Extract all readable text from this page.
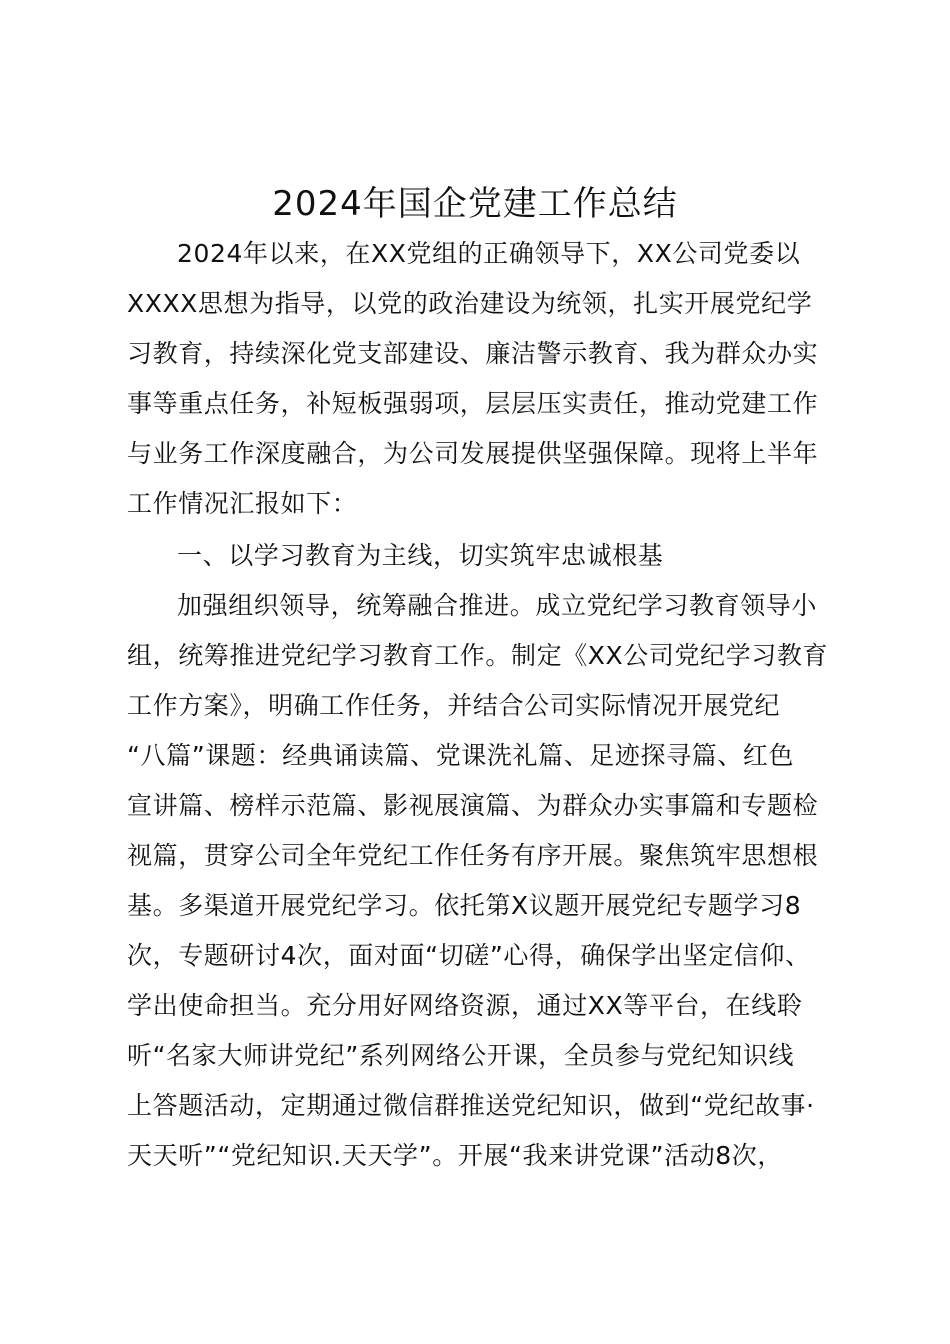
2024年国企党建工作总结
2024年以来，在XX党组的正确领导下，XX公司党委以
XXXX思想为指导，以党的政治建设为统领，扎实开展党纪学
习教育，持续深化党支部建设、廉洁警示教育、我为群众办实
事等重点任务，补短板强弱项，层层压实责任，推动党建工作
与业务工作深度融合，为公司发展提供坚强保障。现将上半年
工作情况汇报如下：
一、以学习教育为主线，切实筑牢忠诚根基
加强组织领导，统筹融合推进。成立党纪学习教育领导小
组，统筹推进党纪学习教育工作。制定《XX公司党纪学习教育
工作方案》，明确工作任务，并结合公司实际情况开展党纪
“八篇”课题：经典诵读篇、党课洗礼篇、足迹探寻篇、红色
宣讲篇、榜样示范篇、影视展演篇、为群众办实事篇和专题检
视篇，贯穿公司全年党纪工作任务有序开展。聚焦筑牢思想根
基。多渠道开展党纪学习。依托第X议题开展党纪专题学习8
次，专题研讨4次，面对面“切磋”心得，确保学出坚定信仰、
学出使命担当。充分用好网络资源，通过XX等平台，在线聆
听“名家大师讲党纪”系列网络公开课，全员参与党纪知识线
上答题活动，定期通过微信群推送党纪知识，做到“党纪故事·
天天听”“党纪知识.天天学”。开展“我来讲党课”活动8次，
